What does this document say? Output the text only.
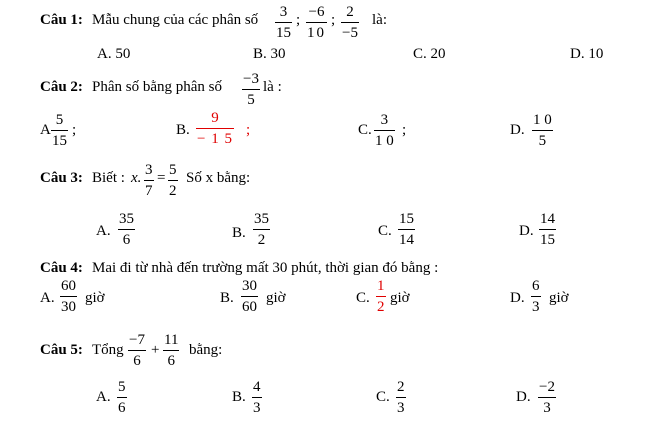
Câu 1: Mẫu chung của các phân số 3
15
; −6
10
; 2
−5
là:
A. 50	B. 30	C. 20	D. 10
Câu 2: Phân số bằng phân số −3
5
là :
A
5
15
;	B.
9
− 1 5
;	C.
3
1 0
;	D.
1 0
5
Câu 3: Biết : x. 3
7
= 5
2
Số x bằng:
A.
35
6	B.
35
2
C.
15
14
D.
14
15
Câu 4: Mai đi từ nhà đến trường mất 30 phút, thời gian đó bằng :
A.
60
30
giờ	B.
30
60
giờ	C.
1
2
giờ	D.
6
3
giờ
Câu 5: Tổng
−7
6
+
11
6
bằng:
A.
5
6
B.
4
3
C.
2
3
D.
−2
3
